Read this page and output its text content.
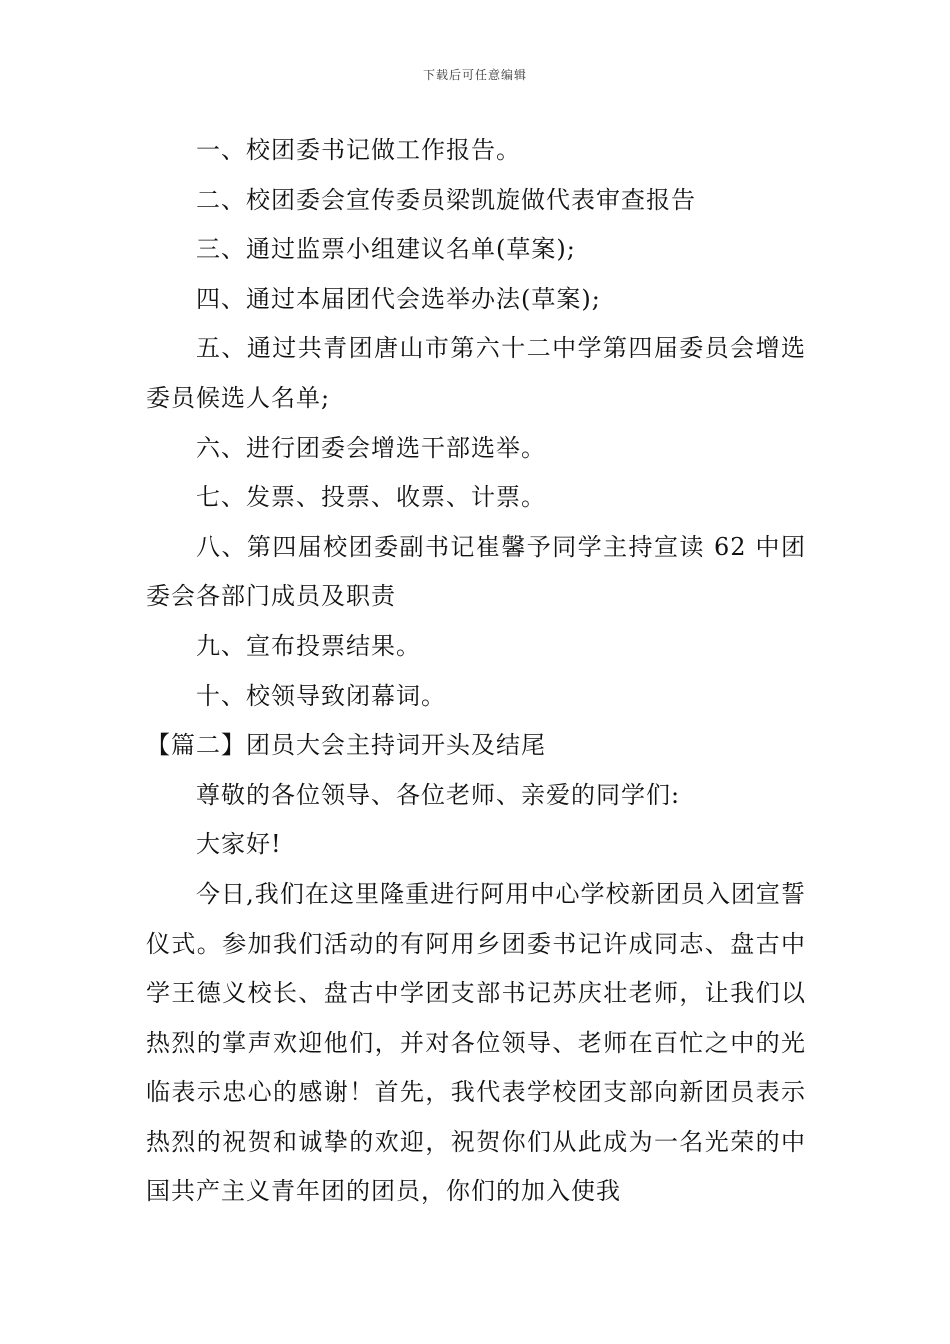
下载后可任意编辑

一、校团委书记做工作报告。

二、校团委会宣传委员梁凯旋做代表审查报告

三、通过监票小组建议名单(草案);

四、通过本届团代会选举办法(草案);

五、通过共青团唐山市第六十二中学第四届委员会增选委员候选人名单;

六、进行团委会增选干部选举。

七、发票、投票、收票、计票。

八、第四届校团委副书记崔馨予同学主持宣读 62 中团委会各部门成员及职责

九、宣布投票结果。

十、校领导致闭幕词。

【篇二】团员大会主持词开头及结尾

尊敬的各位领导、各位老师、亲爱的同学们:

大家好!

今日,我们在这里隆重进行阿用中心学校新团员入团宣誓仪式。参加我们活动的有阿用乡团委书记许成同志、盘古中学王德义校长、盘古中学团支部书记苏庆壮老师，让我们以热烈的掌声欢迎他们，并对各位领导、老师在百忙之中的光临表示忠心的感谢！首先，我代表学校团支部向新团员表示热烈的祝贺和诚挚的欢迎，祝贺你们从此成为一名光荣的中国共产主义青年团的团员，你们的加入使我
